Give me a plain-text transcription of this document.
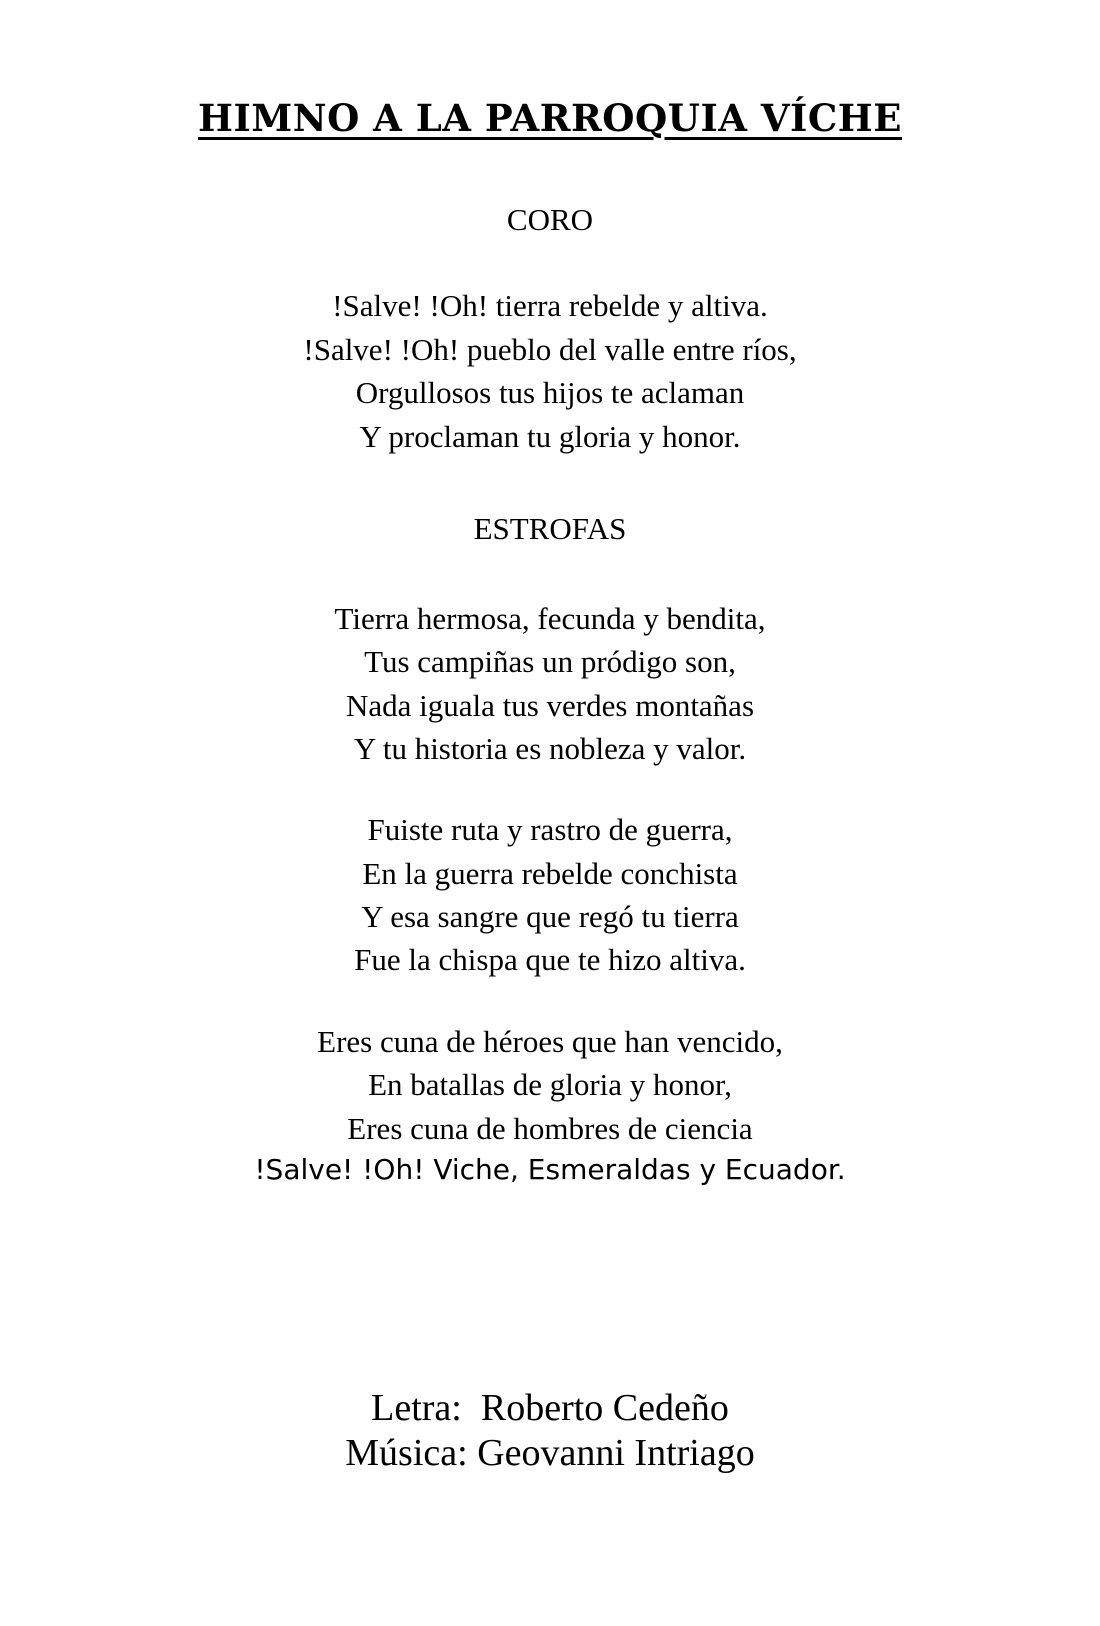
HIMNO A LA PARROQUIA VÍCHE
CORO
!Salve! !Oh! tierra rebelde y altiva.
!Salve! !Oh! pueblo del valle entre ríos,
Orgullosos tus hijos te aclaman
Y proclaman tu gloria y honor.
ESTROFAS
Tierra hermosa, fecunda y bendita,
Tus campiñas un pródigo son,
Nada iguala tus verdes montañas
Y tu historia es nobleza y valor.
Fuiste ruta y rastro de guerra,
En la guerra rebelde conchista
Y esa sangre que regó tu tierra
Fue la chispa que te hizo altiva.
Eres cuna de héroes que han vencido,
En batallas de gloria y honor,
Eres cuna de hombres de ciencia
!Salve! !Oh! Viche, Esmeraldas y Ecuador.
Letra:  Roberto Cedeño
Música: Geovanni Intriago
